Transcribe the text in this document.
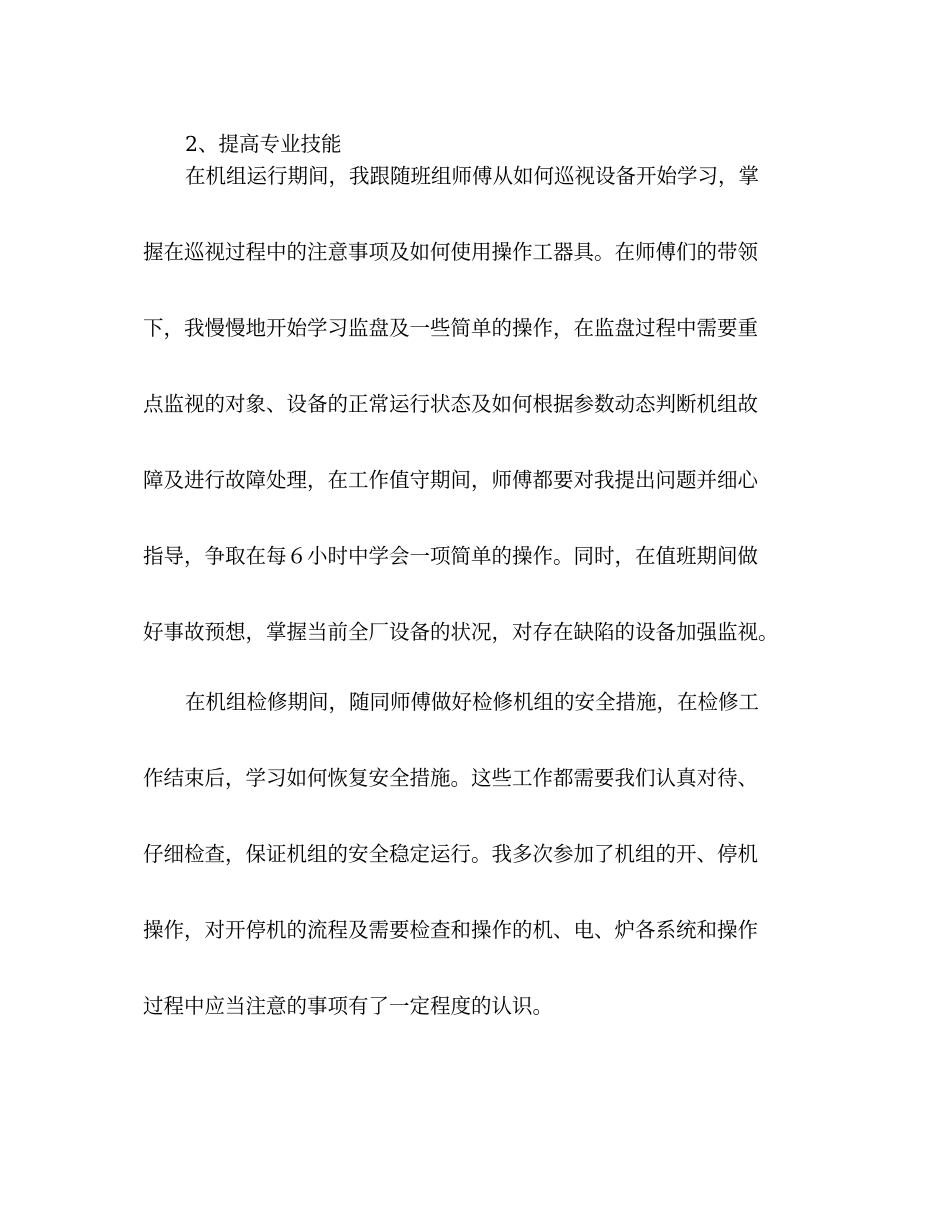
2、提高专业技能
在机组运行期间，我跟随班组师傅从如何巡视设备开始学习，掌
握在巡视过程中的注意事项及如何使用操作工器具。在师傅们的带领
下，我慢慢地开始学习监盘及一些简单的操作，在监盘过程中需要重
点监视的对象、设备的正常运行状态及如何根据参数动态判断机组故
障及进行故障处理，在工作值守期间，师傅都要对我提出问题并细心
指导，争取在每６小时中学会一项简单的操作。同时，在值班期间做
好事故预想，掌握当前全厂设备的状况，对存在缺陷的设备加强监视。
在机组检修期间，随同师傅做好检修机组的安全措施，在检修工
作结束后，学习如何恢复安全措施。这些工作都需要我们认真对待、
仔细检查，保证机组的安全稳定运行。我多次参加了机组的开、停机
操作，对开停机的流程及需要检查和操作的机、电、炉各系统和操作
过程中应当注意的事项有了一定程度的认识。
